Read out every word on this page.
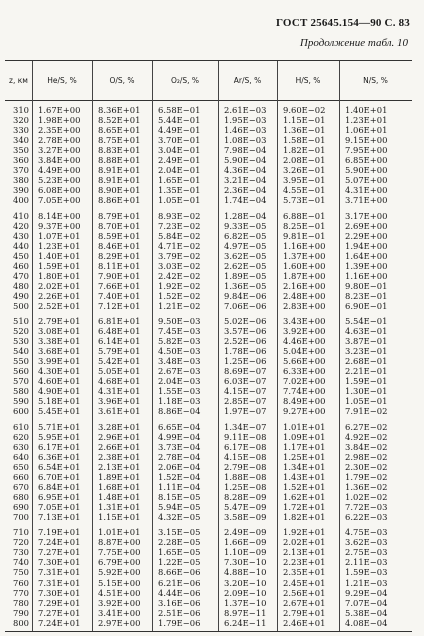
ГОСТ 25645.154—90 С. 83
Продолжение табл. 10
z, км	He/S, %	O/S, %	O₂/S, %	Ar/S, %	H/S, %	N/S, %
310 1.67E+00 8.36E+01 6.58E−01	2.61E−03 9.60E−02 1.40E+01
320 1.98E+00 8.52E+01 5.44E−01	1.95E−03 1.15E−01 1.23E+01
330 2.35E+00 8.65E+01 4.49E−01	1.46E−03 1.36E−01 1.06E+01
340 2.78E+00 8.75E+01 3.70E−01	1.08E−03 1.58E−01 9.15E+00
350 3.27E+00 8.83E+01 3.04E−01	7.98E−04 1.82E−01 7.95E+00
360 3.84E+00 8.88E+01 2.49E−01	5.90E−04 2.08E−01 6.85E+00
370 4.49E+00 8.91E+01 2.04E−01	4.36E−04 3.26E−01 5.90E+00
380 5.23E+00 8.91E+01 1.65E−01	3.21E−04 3.95E−01 5.07E+00
390 6.08E+00 8.90E+01 1.35E−01	2.36E−04 4.55E−01 4.31E+00
400 7.05E+00 8.86E+01 1.05E−01	1.74E−04 5.73E−01 3.71E+00
410 8.14E+00 8.79E+01 8.93E−02	1.28E−04 6.88E−01 3.17E+00
420 9.37E+00 8.70E+01 7.23E−02	9.33E−05 8.25E−01 2.69E+00
430 1.07E+01 8.59E+01 5.84E−02	6.82E−05 9.81E−01 2.29E+00
440 1.23E+01 8.46E+01 4.71E−02	4.97E−05 1.16E+00 1.94E+00
450 1.40E+01 8.29E+01 3.79E−02	3.62E−05 1.37E+00 1.64E+00
460 1.59E+01 8.11E+01 3.03E−02	2.62E−05 1.60E+00 1.39E+00
470 1.80E+01 7.90E+01 2.42E−02	1.89E−05 1.87E+00 1.16E+00
480 2.02E+01 7.66E+01 1.92E−02	1.36E−05 2.16E+00 9.80E−01
490 2.26E+01 7.40E+01 1.52E−02	9.84E−06 2.48E+00 8.23E−01
500 2.52E+01 7.12E+01 1.21E−02	7.06E−06 2.83E+00 6.90E−01
510 2.79E+01 6.81E+01 9.50E−03	5.02E−06 3.43E+00 5.54E−01
520 3.08E+01 6.48E+01 7.45E−03	3.57E−06 3.92E+00 4.63E−01
530 3.38E+01 6.14E+01 5.82E−03	2.52E−06 4.46E+00 3.87E−01
540 3.68E+01 5.79E+01 4.50E−03	1.78E−06 5.04E+00 3.23E−01
550 3.99E+01 5.42E+01 3.48E−03	1.25E−06 5.66E+00 2.68E−01
560 4.30E+01 5.05E+01 2.67E−03	8.69E−07 6.33E+00 2.21E−01
570 4.60E+01 4.68E+01 2.04E−03	6.03E−07 7.02E+00 1.59E−01
580 4.90E+01 4.31E+01 1.55E−03	4.15E−07 7.74E+00 1.30E−01
590 5.18E+01 3.96E+01 1.18E−03	2.85E−07 8.49E+00 1.05E−01
600 5.45E+01 3.61E+01 8.86E−04	1.97E−07 9.27E+00 7.91E−02
610 5.71E+01 3.28E+01 6.65E−04	1.34E−07 1.01E+01 6.27E−02
620 5.95E+01 2.96E+01 4.99E−04	9.11E−08 1.09E+01 4.92E−02
630 6.17E+01 2.66E+01 3.73E−04	6.17E−08 1.17E+01 3.84E−02
640 6.36E+01 2.38E+01 2.78E−04	4.15E−08 1.25E+01 2.98E−02
650 6.54E+01 2.13E+01 2.06E−04	2.79E−08 1.34E+01 2.30E−02
660 6.70E+01 1.89E+01 1.52E−04	1.88E−08 1.43E+01 1.79E−02
670 6.84E+01 1.68E+01 1.11E−04	1.25E−08 1.52E+01 1.36E−02
680 6.95E+01 1.48E+01 8.15E−05	8.28E−09 1.62E+01 1.02E−02
690 7.05E+01 1.31E+01 5.94E−05	5.47E−09 1.72E+01 7.72E−03
700 7.13E+01 1.15E+01 4.32E−05	3.58E−09 1.82E+01 6.22E−03
710 7.19E+01 1.01E+01 3.15E−05	2.49E−09 1.92E+01 4.75E−03
720 7.24E+01 8.87E+00 2.28E−05	1.66E−09 2.02E+01 3.62E−03
730 7.27E+01 7.75E+00 1.65E−05	1.10E−09 2.13E+01 2.75E−03
740 7.30E+01 6.79E+00 1.22E−05	7.30E−10 2.23E+01 2.11E−03
750 7.31E+01 5.92E+00 8.66E−06	4.88E−10 2.35E+01 1.59E−03
760 7.31E+01 5.15E+00 6.21E−06	3.20E−10 2.45E+01 1.21E−03
770 7.30E+01 4.51E+00 4.44E−06	2.09E−10 2.56E+01 9.29E−04
780 7.29E+01 3.92E+00 3.16E−06	1.37E−10 2.67E+01 7.07E−04
790 7.27E+01 3.41E+00 2.51E−06	8.97E−11 2.79E+01 5.38E−04
800 7.24E+01 2.97E+00 1.79E−06	6.24E−11 2.46E+01 4.08E−04
